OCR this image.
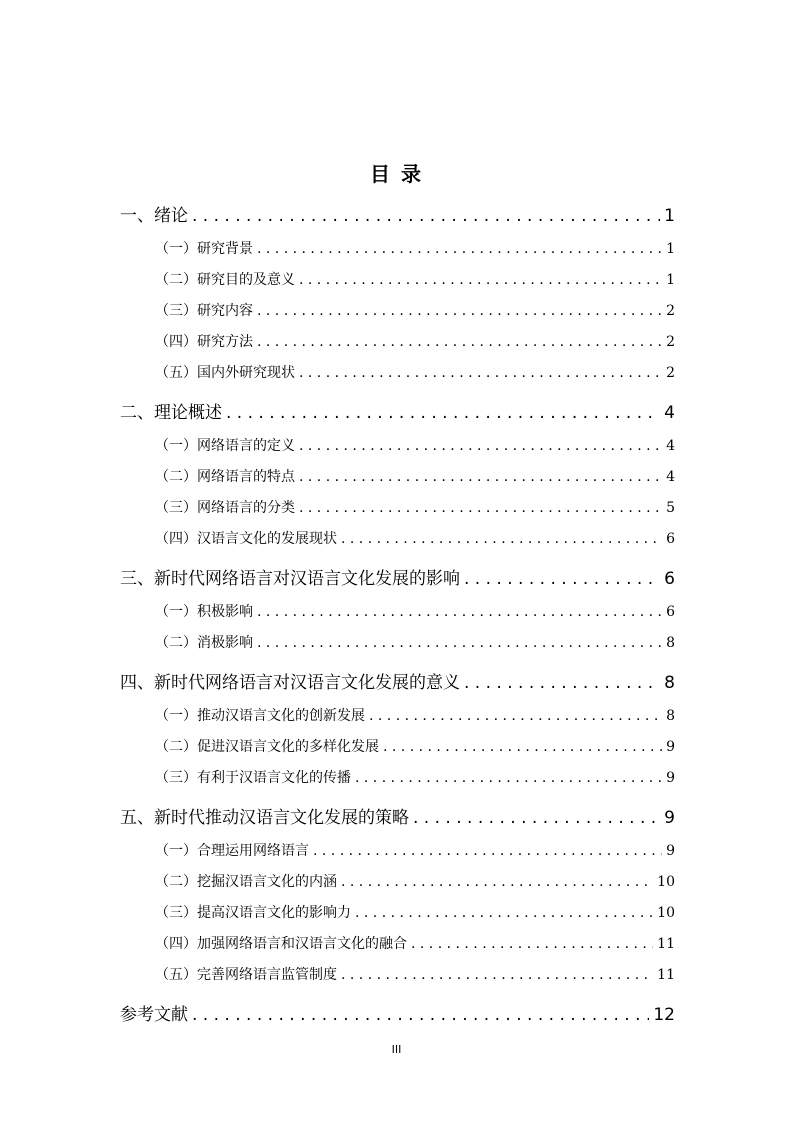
目 录
一、绪论 . . .	1
（一）研究背景 . . .	1
（二）研究目的及意义 . . .	1
（三）研究内容 . . .	2
（四）研究方法 . . .	2
（五）国内外研究现状 . . .	2
二、理论概述 . . .	4
（一）网络语言的定义 . . .	4
（二）网络语言的特点 . . .	4
（三）网络语言的分类 . . .	5
（四）汉语言文化的发展现状 . . .	6
三、新时代网络语言对汉语言文化发展的影响 . . .	6
（一）积极影响 . . .	6
（二）消极影响 . . .	8
四、新时代网络语言对汉语言文化发展的意义 . . .	8
（一）推动汉语言文化的创新发展 . . .	8
（二）促进汉语言文化的多样化发展 . . .	9
（三）有利于汉语言文化的传播 . . .	9
五、新时代推动汉语言文化发展的策略 . . .	9
（一）合理运用网络语言 . . .	9
（二）挖掘汉语言文化的内涵 . . .	10
（三）提高汉语言文化的影响力 . . .	10
（四）加强网络语言和汉语言文化的融合 . . .	11
（五）完善网络语言监管制度 . . .	11
参考文献 . . .	12
III
